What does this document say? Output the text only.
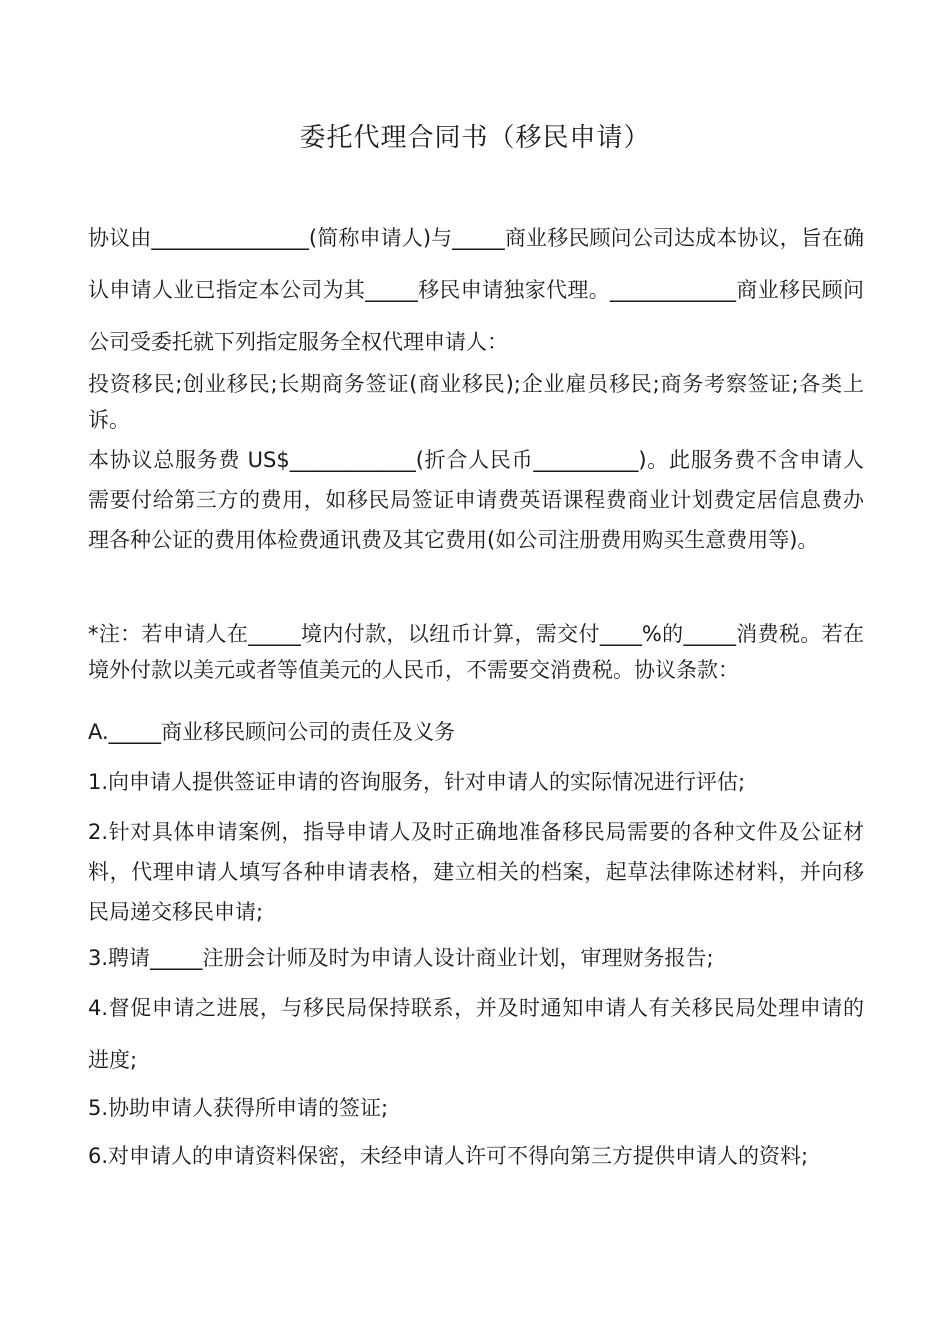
委托代理合同书（移民申请）

协议由_______________(简称申请人)与_____商业移民顾问公司达成本协议，旨在确认申请人业已指定本公司为其_____移民申请独家代理。____________商业移民顾问公司受委托就下列指定服务全权代理申请人：

投资移民;创业移民;长期商务签证(商业移民);企业雇员移民;商务考察签证;各类上诉。

本协议总服务费 US$____________(折合人民币__________)。此服务费不含申请人需要付给第三方的费用，如移民局签证申请费英语课程费商业计划费定居信息费办理各种公证的费用体检费通讯费及其它费用(如公司注册费用购买生意费用等)。

*注：若申请人在_____境内付款，以纽币计算，需交付____%的_____消费税。若在境外付款以美元或者等值美元的人民币，不需要交消费税。协议条款：

A._____商业移民顾问公司的责任及义务

1.向申请人提供签证申请的咨询服务，针对申请人的实际情况进行评估;

2.针对具体申请案例，指导申请人及时正确地准备移民局需要的各种文件及公证材料，代理申请人填写各种申请表格，建立相关的档案，起草法律陈述材料，并向移民局递交移民申请;

3.聘请_____注册会计师及时为申请人设计商业计划，审理财务报告;

4.督促申请之进展，与移民局保持联系，并及时通知申请人有关移民局处理申请的进度;

5.协助申请人获得所申请的签证;

6.对申请人的申请资料保密，未经申请人许可不得向第三方提供申请人的资料;
